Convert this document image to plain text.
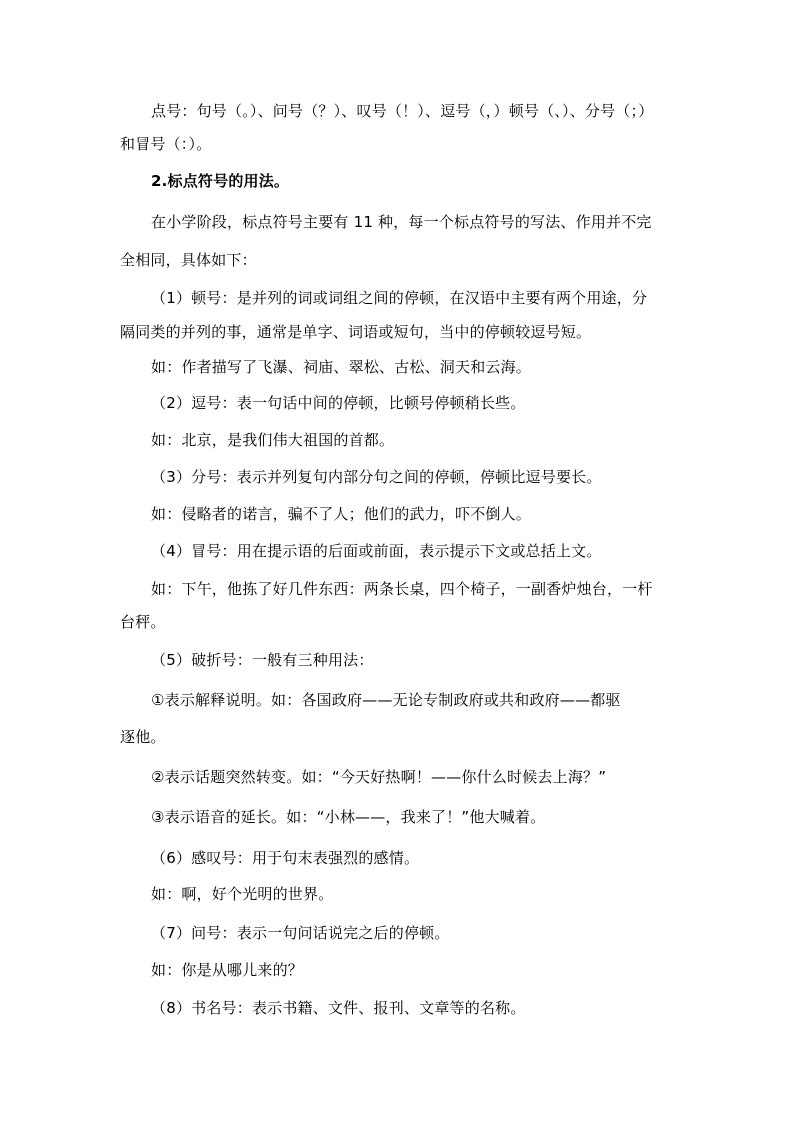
点号：句号（。）、问号（？）、叹号（！）、逗号（，）顿号（、）、分号（；）
和冒号（：）。
2.标点符号的用法。
在小学阶段，标点符号主要有 11 种，每一个标点符号的写法、作用并不完
全相同，具体如下：
（1）顿号：是并列的词或词组之间的停顿，在汉语中主要有两个用途，分
隔同类的并列的事，通常是单字、词语或短句，当中的停顿较逗号短。
如：作者描写了飞瀑、祠庙、翠松、古松、洞天和云海。
（2）逗号：表一句话中间的停顿，比顿号停顿稍长些。
如：北京，是我们伟大祖国的首都。
（3）分号：表示并列复句内部分句之间的停顿，停顿比逗号要长。
如：侵略者的诺言，骗不了人；他们的武力，吓不倒人。
（4）冒号：用在提示语的后面或前面，表示提示下文或总括上文。
如：下午，他拣了好几件东西：两条长桌，四个椅子，一副香炉烛台，一杆
台秤。
（5）破折号：一般有三种用法：
①表示解释说明。如：各国政府——无论专制政府或共和政府——都驱
逐他。
②表示话题突然转变。如：“今天好热啊！——你什么时候去上海？”
③表示语音的延长。如：“小林——，我来了！”他大喊着。
（6）感叹号：用于句末表强烈的感情。
如：啊，好个光明的世界。
（7）问号：表示一句问话说完之后的停顿。
如：你是从哪儿来的？
（8）书名号：表示书籍、文件、报刊、文章等的名称。
